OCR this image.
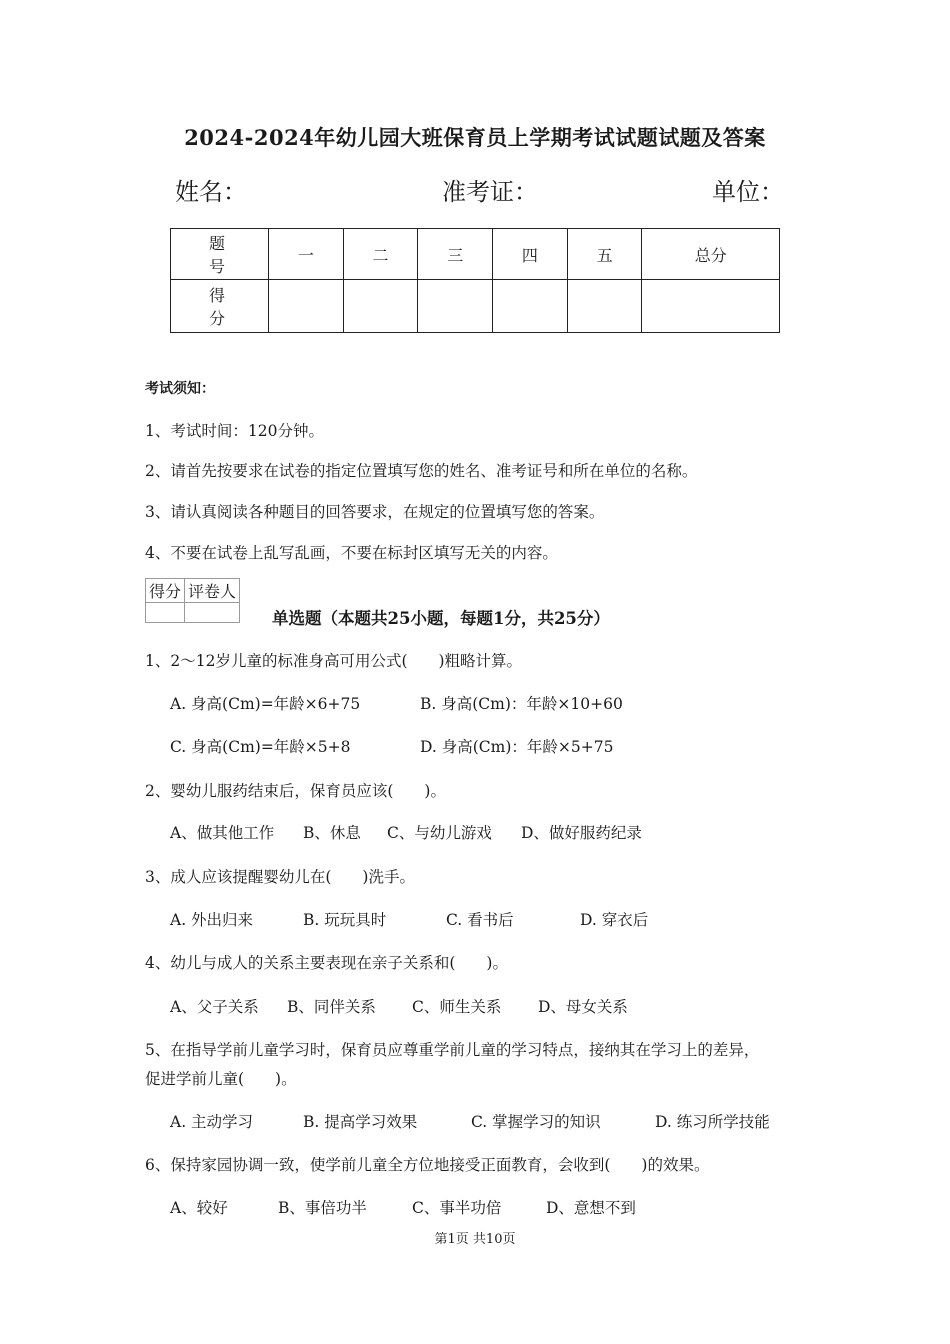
2024-2024年幼儿园大班保育员上学期考试试题试题及答案
姓名：	准考证：	单位：
题　号	一	二	三	四	五	总分
得　分						
考试须知：
1、考试时间：120分钟。
2、请首先按要求在试卷的指定位置填写您的姓名、准考证号和所在单位的名称。
3、请认真阅读各种题目的回答要求，在规定的位置填写您的答案。
4、不要在试卷上乱写乱画，不要在标封区填写无关的内容。
得分	评卷人

单选题（本题共25小题，每题1分，共25分）
1、2～12岁儿童的标准身高可用公式(　　)粗略计算。
A. 身高(Cm)=年龄×6+75	B. 身高(Cm)：年龄×10+60
C. 身高(Cm)=年龄×5+8	D. 身高(Cm)：年龄×5+75
2、婴幼儿服药结束后，保育员应该(　　)。
A、做其他工作 B、休息 C、与幼儿游戏 D、做好服药纪录
3、成人应该提醒婴幼儿在(　　)洗手。
A. 外出归来	B. 玩玩具时	C. 看书后	D. 穿衣后
4、幼儿与成人的关系主要表现在亲子关系和(　　)。
A、父子关系 B、同伴关系 C、师生关系 D、母女关系
5、在指导学前儿童学习时，保育员应尊重学前儿童的学习特点，接纳其在学习上的差异，
促进学前儿童(　　)。
A. 主动学习	B. 提高学习效果	C. 掌握学习的知识	D. 练习所学技能
6、保持家园协调一致，使学前儿童全方位地接受正面教育，会收到(　　)的效果。
A、较好	B、事倍功半	C、事半功倍	D、意想不到
第1页 共10页
